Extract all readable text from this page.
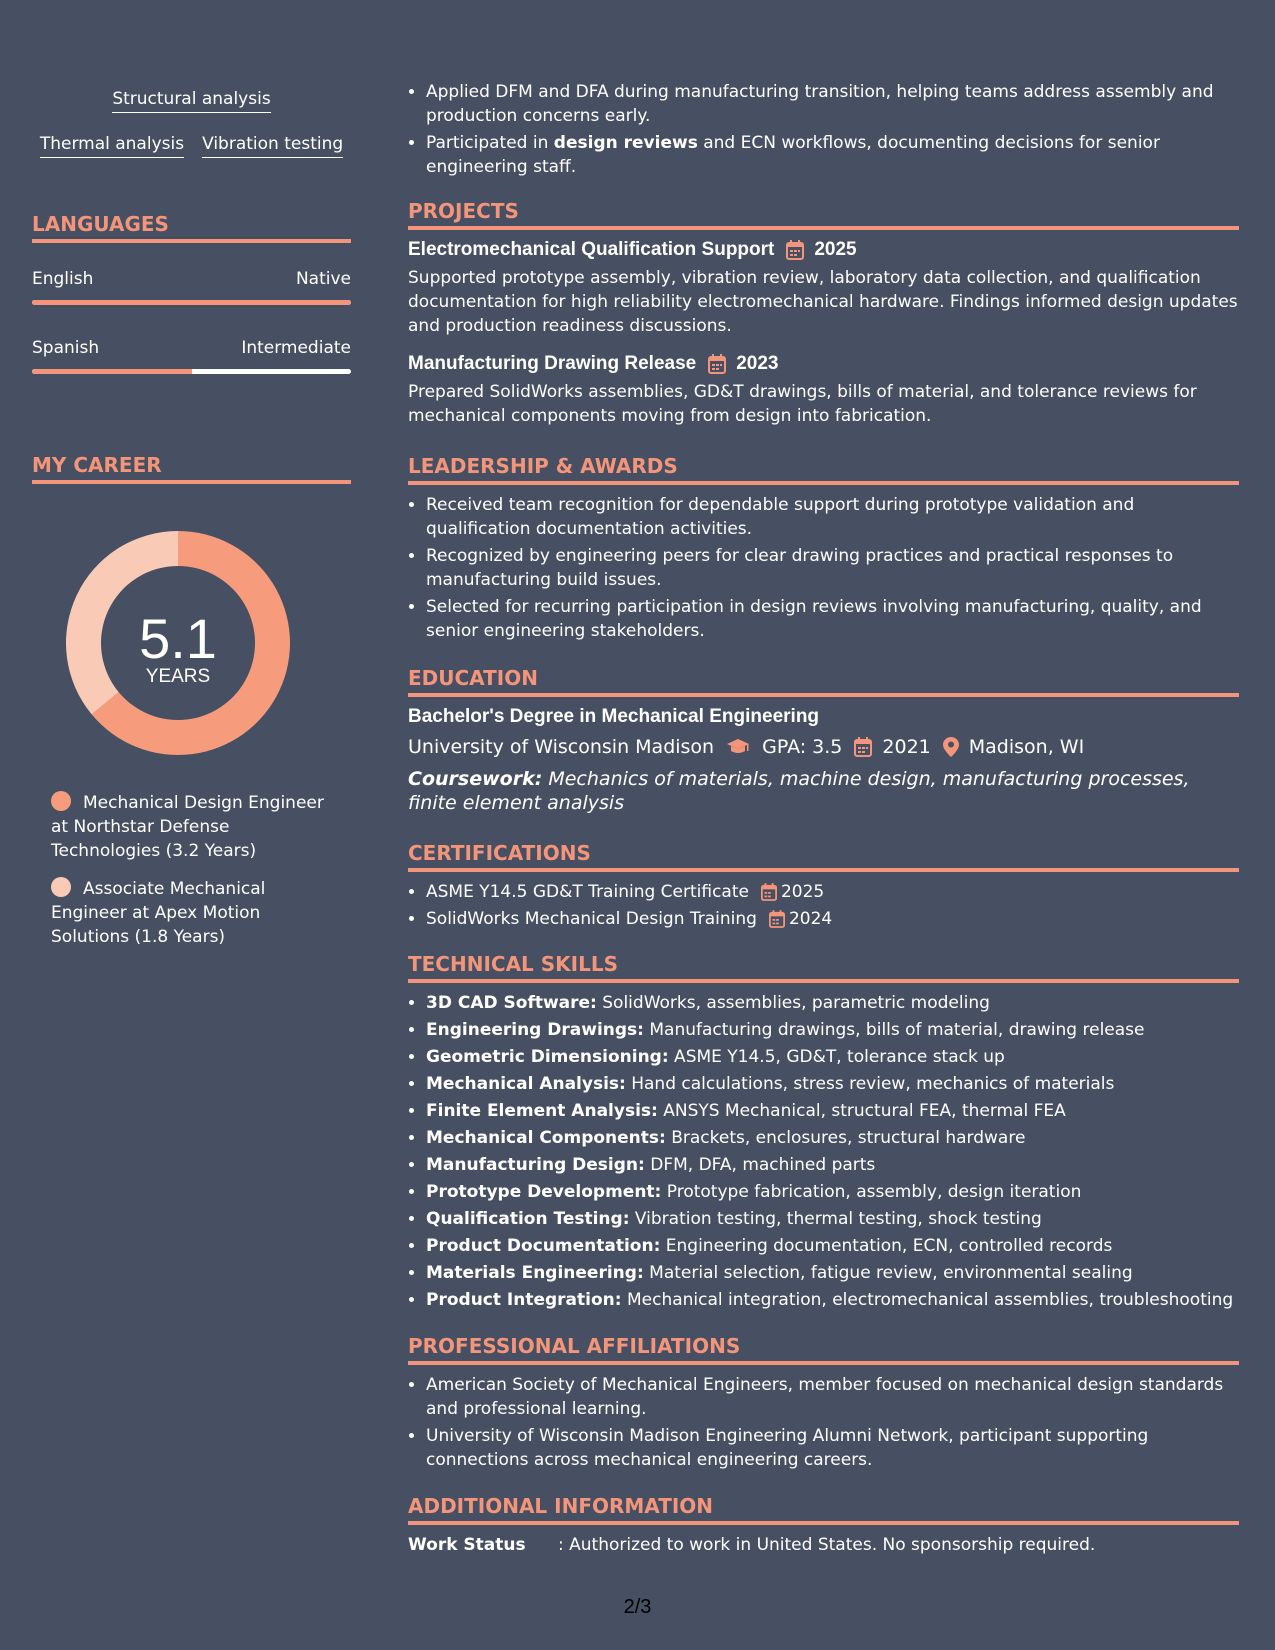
Structural analysis
Thermal analysis Vibration testing
LANGUAGES
English	Native
Spanish	Intermediate
MY CAREER
5.1
YEARS
Mechanical Design Engineer at Northstar Defense Technologies (3.2 Years)
Associate Mechanical Engineer at Apex Motion Solutions (1.8 Years)
• Applied DFM and DFA during manufacturing transition, helping teams address assembly and production concerns early.
• Participated in design reviews and ECN workflows, documenting decisions for senior engineering staff.
PROJECTS
Electromechanical Qualification Support 2025
Supported prototype assembly, vibration review, laboratory data collection, and qualification documentation for high reliability electromechanical hardware. Findings informed design updates and production readiness discussions.
Manufacturing Drawing Release 2023
Prepared SolidWorks assemblies, GD&T drawings, bills of material, and tolerance reviews for mechanical components moving from design into fabrication.
LEADERSHIP & AWARDS
• Received team recognition for dependable support during prototype validation and qualification documentation activities.
• Recognized by engineering peers for clear drawing practices and practical responses to manufacturing build issues.
• Selected for recurring participation in design reviews involving manufacturing, quality, and senior engineering stakeholders.
EDUCATION
Bachelor's Degree in Mechanical Engineering
University of Wisconsin Madison	GPA: 3.5 2021 Madison, WI
Coursework: Mechanics of materials, machine design, manufacturing processes, finite element analysis
CERTIFICATIONS
• ASME Y14.5 GD&T Training Certificate 2025
• SolidWorks Mechanical Design Training 2024
TECHNICAL SKILLS
• 3D CAD Software: SolidWorks, assemblies, parametric modeling
• Engineering Drawings: Manufacturing drawings, bills of material, drawing release
• Geometric Dimensioning: ASME Y14.5, GD&T, tolerance stack up
• Mechanical Analysis: Hand calculations, stress review, mechanics of materials
• Finite Element Analysis: ANSYS Mechanical, structural FEA, thermal FEA
• Mechanical Components: Brackets, enclosures, structural hardware
• Manufacturing Design: DFM, DFA, machined parts
• Prototype Development: Prototype fabrication, assembly, design iteration
• Qualification Testing: Vibration testing, thermal testing, shock testing
• Product Documentation: Engineering documentation, ECN, controlled records
• Materials Engineering: Material selection, fatigue review, environmental sealing
• Product Integration: Mechanical integration, electromechanical assemblies, troubleshooting
PROFESSIONAL AFFILIATIONS
• American Society of Mechanical Engineers, member focused on mechanical design standards and professional learning.
• University of Wisconsin Madison Engineering Alumni Network, participant supporting connections across mechanical engineering careers.
ADDITIONAL INFORMATION
Work Status	: Authorized to work in United States. No sponsorship required.
2/3
